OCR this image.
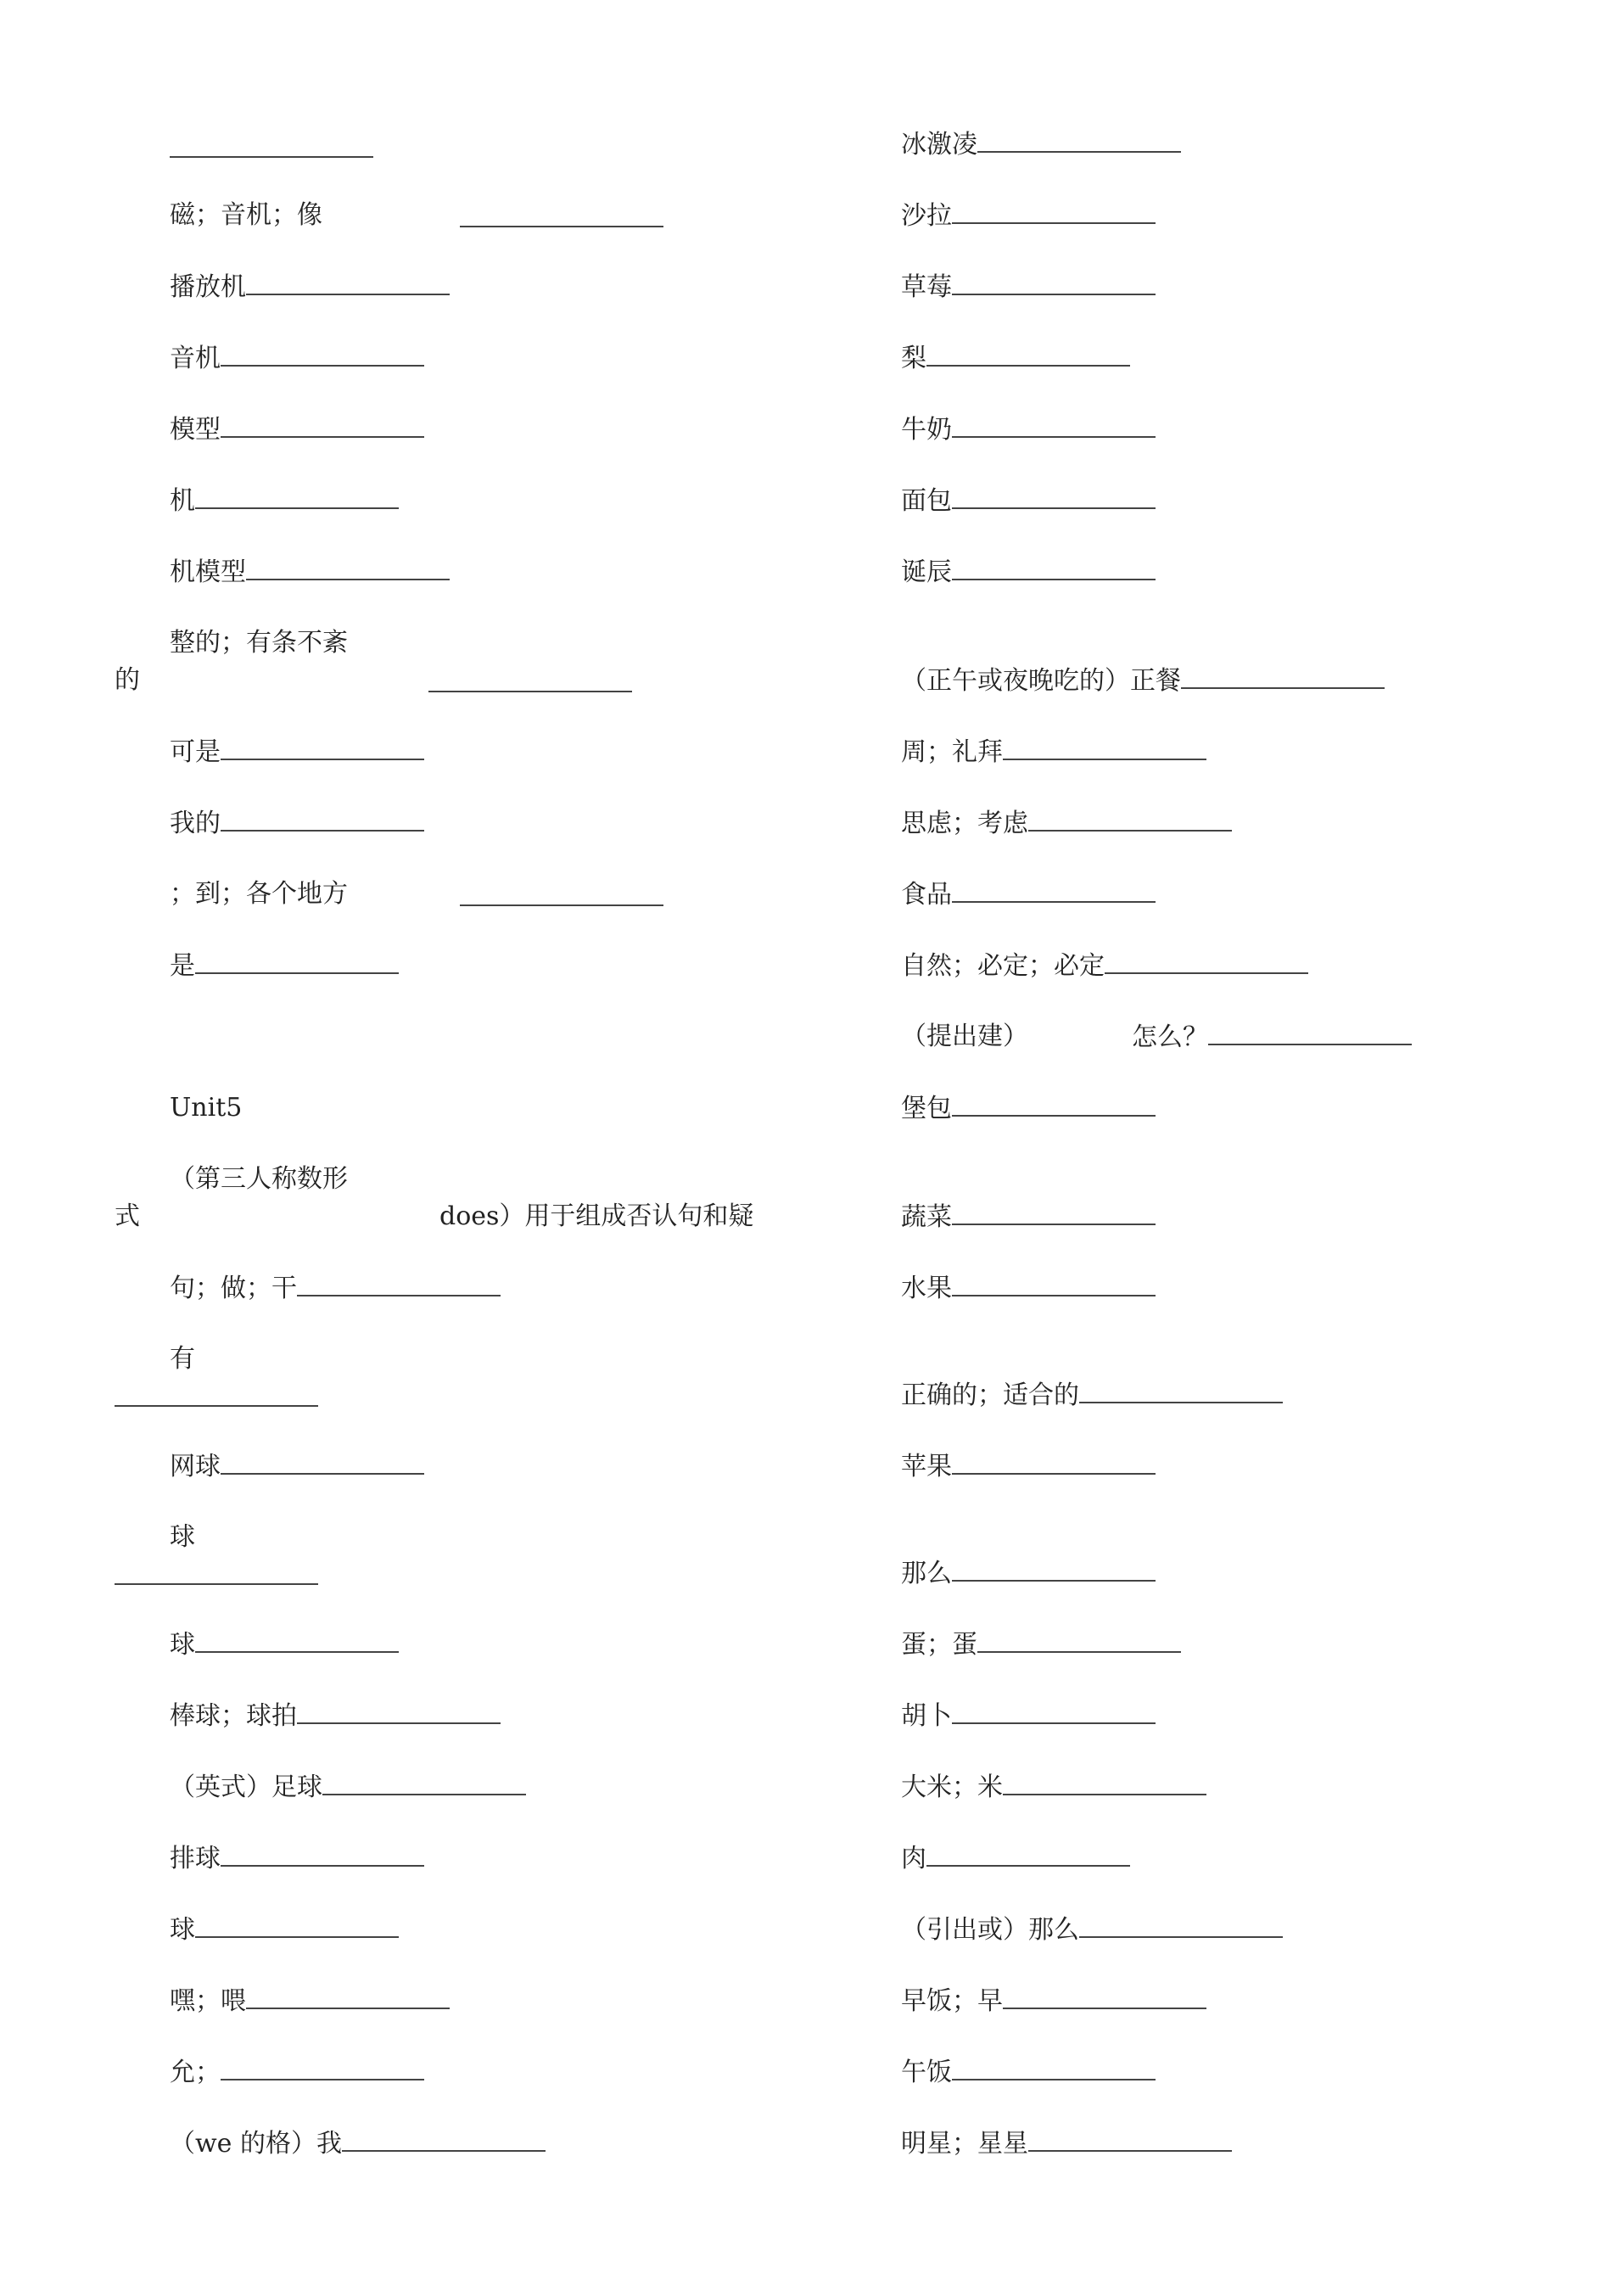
磁；音机；像
播放机
音机
模型
机
机模型
整的；有条不紊
的
可是
我的
；到；各个地方
是
Unit5
（第三人称数形
式	does）用于组成否认句和疑
句；做；干
有
网球
球
球
棒球；球拍
（英式）足球
排球
球
嘿；喂
允；
（we 的格）我
冰激凌
沙拉
草莓
梨
牛奶
面包
诞辰
（正午或夜晚吃的）正餐
周；礼拜
思虑；考虑
食品
自然；必定；必定
（提出建）	怎么？
堡包
蔬菜
水果
正确的；适合的
苹果
那么
蛋；蛋
胡卜
大米；米
肉
（引出或）那么
早饭；早
午饭
明星；星星
